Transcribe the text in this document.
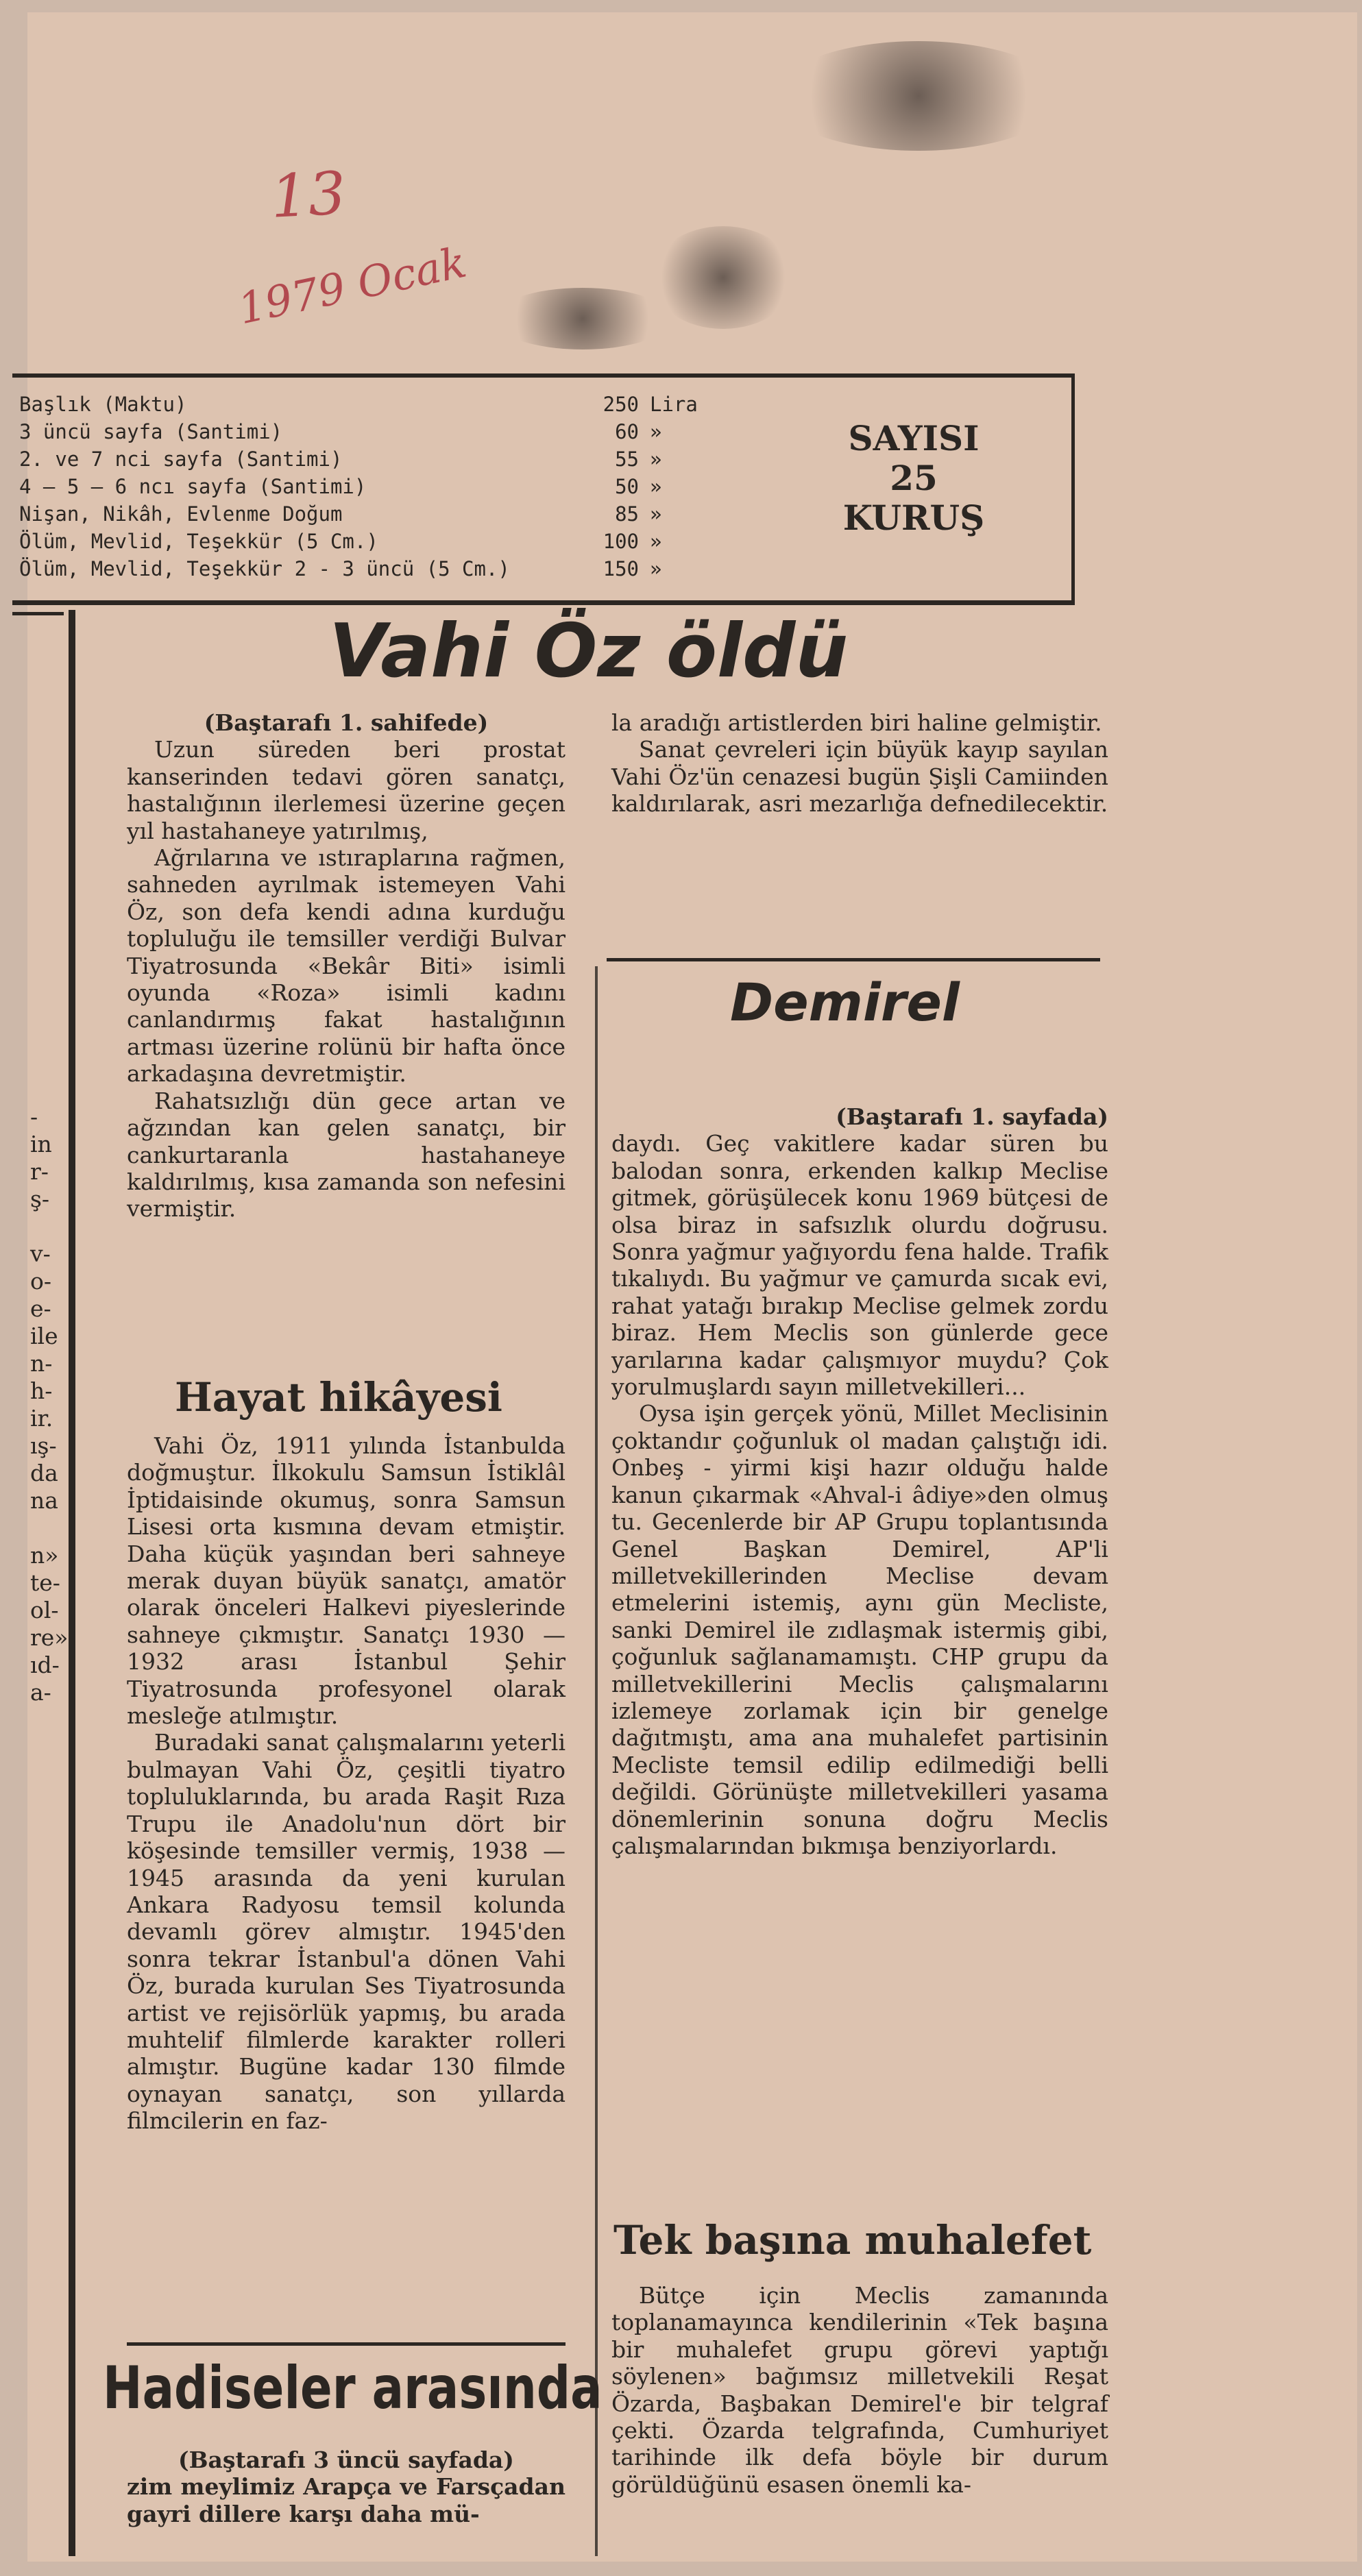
13
1979 Ocak
Başlık (Maktu)	250 Lira
3 üncü sayfa (Santimi)	60 »
2. ve 7 nci sayfa (Santimi)	55 »
4 — 5 — 6 ncı sayfa (Santimi)	50 »
Nişan, Nikâh, Evlenme Doğum	85 »
Ölüm, Mevlid, Teşekkür (5 Cm.)	100 »
Ölüm, Mevlid, Teşekkür 2 - 3 üncü (5 Cm.)	150 »
SAYISI
25
KURUŞ
Vahi Öz öldü

(Baştarafı 1. sahifede)

Uzun süreden beri prostat kanserinden tedavi gören sanatçı, hastalığının ilerlemesi üzerine geçen yıl hastahaneye yatırılmış,

Ağrılarına ve ıstıraplarına rağmen, sahneden ayrılmak istemeyen Vahi Öz, son defa kendi adına kurduğu topluluğu ile temsiller verdiği Bulvar Tiyatrosunda «Bekâr Biti» isimli oyunda «Roza» isimli kadını canlandırmış fakat hastalığının artması üzerine rolünü bir hafta önce arkadaşına devretmiştir.

Rahatsızlığı dün gece artan ve ağzından kan gelen sanatçı, bir cankurtaranla hastahaneye kaldırılmış, kısa zamanda son nefesini vermiştir.

Hayat hikâyesi

Vahi Öz, 1911 yılında İstanbulda doğmuştur. İlkokulu Samsun İstiklâl İptidaisinde okumuş, sonra Samsun Lisesi orta kısmına devam etmiştir. Daha küçük yaşından beri sahneye merak duyan büyük sanatçı, amatör olarak önceleri Halkevi piyeslerinde sahneye çıkmıştır. Sanatçı 1930 — 1932 arası İstanbul Şehir Tiyatrosunda profesyonel olarak mesleğe atılmıştır.

Buradaki sanat çalışmalarını yeterli bulmayan Vahi Öz, çeşitli tiyatro topluluklarında, bu arada Raşit Rıza Trupu ile Anadolu'nun dört bir köşesinde temsiller vermiş, 1938 — 1945 arasında da yeni kurulan Ankara Radyosu temsil kolunda devamlı görev almıştır. 1945'den sonra tekrar İstanbul'a dönen Vahi Öz, burada kurulan Ses Tiyatrosunda artist ve rejisörlük yapmış, bu arada muhtelif filmlerde karakter rolleri almıştır. Bugüne kadar 130 filmde oynayan sanatçı, son yıllarda filmcilerin en faz-

Hadiseler arasında

(Baştarafı 3 üncü sayfada)

zim meylimiz Arapça ve Farsçadan gayri dillere karşı daha mü-

la aradığı artistlerden biri haline gelmiştir.

Sanat çevreleri için büyük kayıp sayılan Vahi Öz'ün cenazesi bugün Şişli Camiinden kaldırılarak, asri mezarlığa defnedilecektir.

Demirel

(Baştarafı 1. sayfada)

daydı. Geç vakitlere kadar süren bu balodan sonra, erkenden kalkıp Meclise gitmek, görüşülecek konu 1969 bütçesi de olsa biraz in safsızlık olurdu doğrusu. Sonra yağmur yağıyordu fena halde. Trafik tıkalıydı. Bu yağmur ve çamurda sıcak evi, rahat yatağı bırakıp Meclise gelmek zordu biraz. Hem Meclis son günlerde gece yarılarına kadar çalışmıyor muydu? Çok yorulmuşlardı sayın milletvekilleri...

Oysa işin gerçek yönü, Millet Meclisinin çoktandır çoğunluk ol madan çalıştığı idi. Onbeş - yirmi kişi hazır olduğu halde kanun çıkarmak «Ahval-i âdiye»den olmuş tu. Gecenlerde bir AP Grupu toplantısında Genel Başkan Demirel, AP'li milletvekillerinden Meclise devam etmelerini istemiş, aynı gün Mecliste, sanki Demirel ile zıdlaşmak istermiş gibi, çoğunluk sağlanamamıştı. CHP grupu da milletvekillerini Meclis çalışmalarını izlemeye zorlamak için bir genelge dağıtmıştı, ama ana muhalefet partisinin Mecliste temsil edilip edilmediği belli değildi. Görünüşte milletvekilleri yasama dönemlerinin sonuna doğru Meclis çalışmalarından bıkmışa benziyorlardı.

Tek başına muhalefet

Bütçe için Meclis zamanında toplanamayınca kendilerinin «Tek başına bir muhalefet grupu görevi yaptığı söylenen» bağımsız milletvekili Reşat Özarda, Başbakan Demirel'e bir telgraf çekti. Özarda telgrafında, Cumhuriyet tarihinde ilk defa böyle bir durum görüldüğünü esasen önemli ka-

-
in
r-
ş-
v-
o-
e-
ile
n-
h-
ir.
ış-
da
na
n»
te-
ol-
re»
ıd-
a-
